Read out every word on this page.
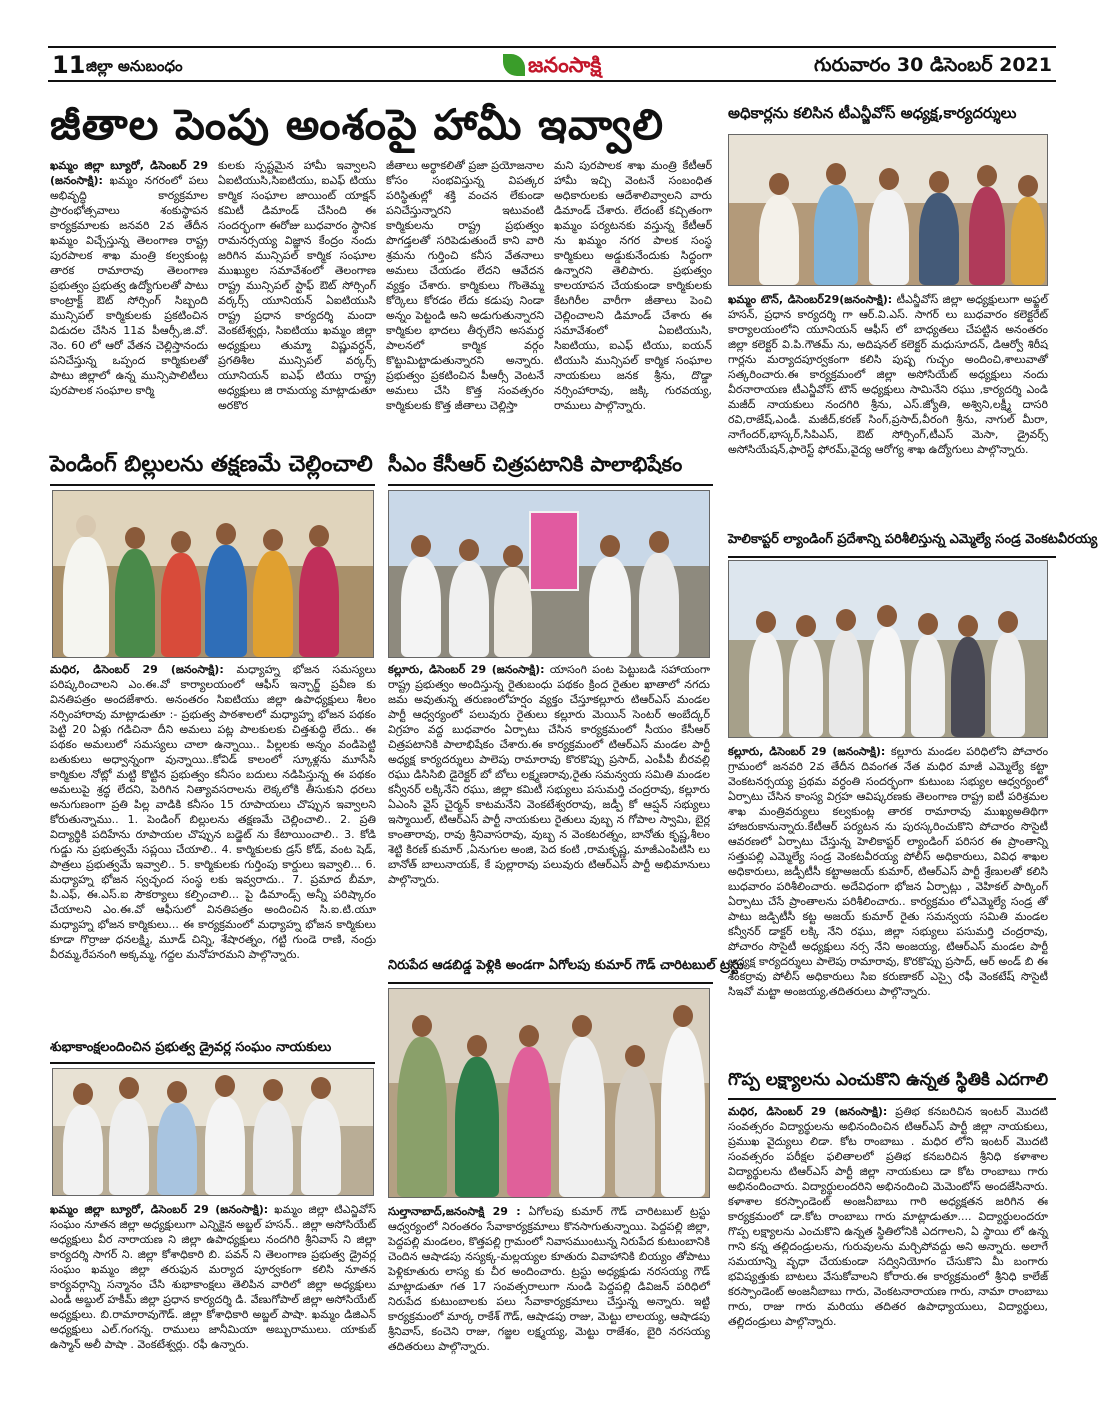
11 జిల్లా అనుబంధం	జనంసాక్షి	గురువారం 30 డిసెంబర్ 2021
జీతాల పెంపు అంశంపై హామీ ఇవ్వాలి
ఖమ్మం జిల్లా బ్యూరో, డిసెంబర్ 29 (జనంసాక్షి): ఖమ్మం నగరంలో పలు అభివృద్ధి కార్యక్రమాల ప్రారంభోత్సవాలు శంకుస్థాపన కార్యక్రమాలకు జనవరి 2వ తేదీన ఖమ్మం విచ్చేస్తున్న తెలంగాణ రాష్ట్ర పురపాలక శాఖ మంత్రి కల్వకుంట్ల తారక రామారావు తెలంగాణ ప్రభుత్వం ప్రభుత్వ ఉద్యోగులతో పాటు కాంట్రాక్ట్ ఔట్ సోర్సింగ్ సిబ్బంది మున్సిపల్ కార్మికులకు ప్రకటించిన విడుదల చేసిన 11వ పీఆర్సీ,జి.వో. నెం. 60 లో ఆరో వేతన చెల్లిస్తానందు పనిచేస్తున్న ఒప్పంద కార్మికులతో పాటు జిల్లాలో ఉన్న మున్సిపాలిటీలు పురపాలక సంఘాల కార్మి
కులకు స్పష్టమైన హామీ ఇవ్వాలని ఏఐటియుసి,సిఐటియు, ఐఎఫ్ టియు కార్మిక సంఘాల జాయింట్ యాక్షన్ కమిటీ డిమాండ్ చేసింది ఈ సందర్భంగా ఈరోజు బుధవారం స్థానిక రామనర్సయ్య విజ్ఞాన కేంద్రం నందు జరిగిన మున్సిపల్ కార్మిక సంఘాల ముఖ్యుల సమావేశంలో తెలంగాణ రాష్ట్ర మున్సిపల్ స్టాఫ్ ఔట్ సోర్సింగ్ వర్కర్స్ యూనియన్ ఏఐటియుసి రాష్ట్ర ప్రధాన కార్యదర్శి మందా వెంకటేశ్వర్లు, సిఐటియు ఖమ్మం జిల్లా అధ్యక్షులు తుమ్మా విష్ణువర్ధన్, ప్రగతిశీల మున్సిపల్ వర్కర్స్ యూనియన్ ఐఎఫ్ టియు రాష్ట్ర అధ్యక్షులు జి రామయ్య మాట్లాడుతూ అరకొర
జీతాలు అర్థాకలితో ప్రజా ప్రయోజనాల కోసం సంభవిస్తున్న విపత్కర పరిస్థితుల్లో శక్తి వంచన లేకుండా పనిచేస్తున్నారని ఇటువంటి కార్మికులను రాష్ట్ర ప్రభుత్వం పొగడ్తలతో సరిపెడుతుందే కాని వారి శ్రమను గుర్తించి కనీస వేతనాలు అమలు చేయడం లేదని ఆవేదన వ్యక్తం చేశారు. కార్మికులు గొంతెమ్మ కోర్కెలు కోరడం లేదు కడుపు నిండా అన్నం పెట్టండి అని అడుగుతున్నారని కార్మికుల భాదలు తీర్చలేని అసమర్ధ పాలనలో కార్మిక వర్గం కొట్టుమిట్టాడుతున్నారని అన్నారు. ప్రభుత్వం ప్రకటించిన పీఆర్సీ వెంటనే అమలు చేసి కొత్త సంవత్సరం కార్మికులకు కొత్త జీతాలు చెల్లిస్తా
మని పురపాలక శాఖ మంత్రి కేటీఆర్ హామీ ఇచ్చి వెంటనే సంబంధిత అధికారులకు ఆదేశాలివ్వాలని వారు డిమాండ్ చేశారు. లేదంటే కచ్చితంగా ఖమ్మం పర్యటనకు వస్తున్న కేటీఆర్ ను ఖమ్మం నగర పాలక సంస్థ కార్మికులు అడ్డుకునేందుకు సిద్ధంగా ఉన్నారని తెలిపారు. ప్రభుత్వం కాలయాపన చేయకుండా కార్మికులకు కేటగిరీల వారీగా జీతాలు పెంచి చెల్లించాలని డిమాండ్ చేశారు ఈ సమావేశంలో ఏఐటియుసి, సిఐటియు, ఐఎఫ్ టియు, ఐయన్ టియుసి మున్సిపల్ కార్మిక సంఘాల నాయకులు జనక శ్రీను, దొడ్డా నర్సింహారావు, జక్కి గురవయ్య, రాములు పాల్గొన్నారు.
అధికార్లను కలిసిన టీఎన్జీవోస్ అధ్యక్ష,కార్యదర్శులు
ఖమ్మం టౌన్, డిసెంబర్29(జనంసాక్షి): టీఎన్జీవోస్ జిల్లా అధ్యక్షులుగా అఫ్జల్ హసన్, ప్రధాన కార్యదర్శి గా ఆర్.వి.ఎస్. సాగర్ లు బుధవారం కలెక్టరేట్ కార్యాలయంలోని యూనియన్ ఆఫీస్ లో బాధ్యతలు చేపట్టిన అనంతరం జిల్లా కలెక్టర్ వి.పి.గౌతమ్ ను, అదిషనల్ కలెక్టర్ మధుసూదన్, డిఆర్వో శిరీష గార్లను మర్యాదపూర్వకంగా కలిసి పుష్ప గుచ్ఛం అందించి,శాలువాతో సత్కరించారు.ఈ కార్యక్రమంలో జిల్లా అసోసియేట్ అధ్యక్షులు నందు వీరనారాయణ టీఎన్జీవోస్ టౌన్ అధ్యక్షులు సామినేని రఘు ,కార్యదర్శి ఎండి మజీద్ నాయకులు నందగిరి శ్రీను, ఎస్.జ్యోతి, అశ్విని,లక్ష్మీ దాసరి రవి,రాజేష్,ఎండీ. మజీద్,కరణ్ సింగ్,ప్రసాద్,వీరంగి శ్రీను, నాగుల్ మీరా, నాగేందర్,భాస్కర్,సిపిఎస్, ఔట్ సోర్సింగ్,టీఎస్ మెసా, డ్రైవర్స్ అసోసియేషన్,ఫారెస్ట్ ఫోరమ్,వైద్య ఆరోగ్య శాఖ ఉద్యోగులు పాల్గొన్నారు.
పెండింగ్ బిల్లులను తక్షణమే చెల్లించాలి
మధిర, డిసెంబర్ 29 (జనంసాక్షి): మధ్యాహ్న భోజన సమస్యలు పరిష్కరించాలని ఎం.ఈ.వో కార్యాలయంలో ఆఫీస్ ఇన్చార్జ్ ప్రవీణ కు వినతిపత్రం అందజేశారు. అనంతరం సిఐటియు జిల్లా ఉపాధ్యక్షులు శీలం నర్సింహారావు మాట్లాడుతూ :- ప్రభుత్వ పాఠశాలలో మధ్యాహ్న భోజన పథకం పెట్టి 20 ఏళ్లు గడిచినా దీని అమలు పట్ల పాలకులకు చిత్తశుద్ధి లేదు.. ఈ పథకం అమలులో సమస్యలు చాలా ఉన్నాయి.. పిల్లలకు అన్నం వండిపెట్టి బతుకులు అధ్వాన్నంగా వున్నాయి..కోవిడ్ కాలంలో స్కూళ్లను మూసేసి కార్మికుల నోట్లో మట్టి కొట్టిన ప్రభుత్వం కనీసం బదులు నడిపిస్తున్న ఈ పథకం అమలుపై శ్రద్ధ లేదని, పెరిగిన నిత్యావసరాలను లెక్కలోకి తీసుకుని ధరలు అనుగుణంగా ప్రతి పిల్ల వాడికి కనీసం 15 రూపాయలు చొప్పున ఇవ్వాలని కోరుతున్నాము.. 1. పెండింగ్ బిల్లులను తక్షణమే చెల్లించాలి.. 2. ప్రతి విద్యార్థికి పదిహేను రూపాయల చొప్పున బడ్జెట్ ను కేటాయించాలి.. 3. కోడి గుడ్డు ను ప్రభుత్వమే సప్లయి చేయాలి.. 4. కార్మికులకు డ్రస్ కోడ్, వంట షెడ్, పాత్రలు ప్రభుత్వమే ఇవ్వాలి.. 5. కార్మికులకు గుర్తింపు కార్డులు ఇవ్వాలి... 6. మధ్యాహ్న భోజన స్వచ్ఛంద సంస్థ లకు ఇవ్వరాదు.. 7. ప్రమాద బీమా, పి.ఎఫ్, ఈ.ఎస్.ఐ సౌకర్యాలు కల్పించాలి... పై డిమాండ్స్ అన్నీ పరిష్కారం చేయాలని ఎం.ఈ.వో ఆఫీసులో వినతిపత్రం అందించిన సి.ఐ.టి.యూ మధ్యాహ్న భోజన కార్మికులు... ఈ కార్యక్రమంలో మధ్యాహ్న భోజన కార్మికులు కూడా గొర్రాజు ధనలక్ష్మి, మూడ్ చిన్ని, శేషారత్నం, గట్టి గుండె రాణి, నంద్రు వీరమ్మ,రేపనంగి అక్కమ్మ, గద్దల మనోహరమని పాల్గొన్నారు.
సీఎం కేసీఆర్ చిత్రపటానికి పాలాభిషేకం
కల్లూరు, డిసెంబర్ 29 (జనంసాక్షి): యాసంగి పంట పెట్టుబడి సహాయంగా రాష్ట్ర ప్రభుత్వం అందిస్తున్న రైతుబంధు పథకం క్రింద రైతుల ఖాతాలో నగదు జమ అవుతున్న తరుణంలోహర్షం వ్యక్తం చేస్తూకల్లూరు టిఆర్ఎస్ మండల పార్టీ ఆధ్వర్యంలో పలువురు రైతులు కల్లూరు మెయిన్ సెంటర్ అంబేద్కర్ విగ్రహం వద్ద బుధవారం ఏర్పాటు చేసిన కార్యక్రమంలో సీయం కేసీఆర్ చిత్రపటానికి పాలాభిషేకం చేశారు.ఈ కార్యక్రమంలో టిఆర్ఎస్ మండల పార్టీ అధ్యక్ష కార్యదర్శులు పాలెపు రామారావు కొరకొప్పు ప్రసాద్, ఎంపీపీ బీరవల్లి రఘు డిసిసిబి డైరెక్టర్ బో బోలు లక్ష్మణరావు,రైతు సమన్వయ సమితి మండల కన్వీనర్ లక్కినేని రఘు, జిల్లా కమిటీ సభ్యులు పసుమర్తి చంద్రరావు, కల్లూరు ఏఎంసి వైస్ చైర్మన్ కాటమనేని వెంకటేశ్వరరావు, జడ్పీ కో ఆప్షన్ సభ్యులు ఇస్మాయిల్, టిఆర్ఎస్ పార్టీ నాయకులు రైతులు వుబ్బ న గోపాల స్వామి, బైర్ల కాంతారావు, రావు శ్రీనివాసరావు, వుబ్బ న వెంకటరత్నం, బానోతు కృష్ణ,శీలం శెట్టి కిరణ్ కుమార్ ,ఏనుగుల అంజి, పెద కంటి ,రామకృష్ణ, మాజీఎంపిటిసి లు బానోత్ బాలునాయక్, కే పుల్లారావు పలువురు టిఆర్ఎస్ పార్టీ అభిమానులు పాల్గొన్నారు.
హెలికాప్టర్ ల్యాండింగ్ ప్రదేశాన్ని పరిశీలిస్తున్న ఎమ్మెల్యే సండ్ర వెంకటవీరయ్య
కల్లూరు, డిసెంబర్ 29 (జనంసాక్షి): కల్లూరు మండల పరిధిలోని పోచారం గ్రామంలో జనవరి 2వ తేదీన దివంగత నేత మధిర మాజీ ఎమ్మెల్యే కట్టా వెంకటనర్సయ్య ప్రథమ వర్ధంతి సందర్భంగా కుటుంబ సభ్యుల ఆధ్వర్యంలో ఏర్పాటు చేసిన కాంస్య విగ్రహ ఆవిష్కరణకు తెలంగాణ రాష్ట్ర ఐటీ పరిశ్రమల శాఖ మంత్రివర్యులు కల్వకుంట్ల తారక రామారావు ముఖ్యఅతిథిగా హాజరుకానున్నారు.కేటీఆర్ పర్యటన ను పురస్కరించుకొని పోచారం సొసైటీ ఆవరణలో ఏర్పాటు చేస్తున్న హెలికాప్టర్ ల్యాండింగ్ పరిసర ఈ ప్రాంతాన్ని సత్తుపల్లి ఎమ్మెల్యే సండ్ర వెంకటవీరయ్య పోలీస్ అధికారులు, వివిధ శాఖల అధికారులు, జడ్పీటీసీ కట్టాఅజయ్ కుమార్, టిఆర్ఎస్ పార్టీ శ్రేణులతో కలిసి బుధవారం పరిశీలించారు. అదేవిధంగా భోజన ఏర్పాట్లు , వెహికల్ పార్కింగ్ ఏర్పాటు చేసే ప్రాంతాలను పరిశీలించారు.. కార్యక్రమం లోఎమ్మెల్యే సండ్ర తో పాటు జడ్పిటీసీ కట్ట అజయ్ కుమార్ రైతు సమన్వయ సమితి మండల కన్వీనర్ డాక్టర్ లక్కి నేని రఘు, జిల్లా సభ్యులు పసుమర్తి చంద్రరావు, పోచారం సొసైటీ అధ్యక్షులు నర్స నేని అంజయ్య, టిఆర్ఎస్ మండల పార్టీ అధ్యక్ష కార్యదర్శులు పాలెపు రామారావు, కొరకొప్పు ప్రసాద్, ఆర్ అండ్ బి ఈ శంకర్రావు పోలీస్ అధికారులు సిఐ కరుణాకర్ ఎస్సై రఫీ వెంకటేష్ సొసైటీ సిఇవో మట్టా అంజయ్య,తదితరులు పాల్గొన్నారు.
నిరుపేద ఆడబిడ్డ పెళ్లికి అండగా ఏగోలపు కుమార్ గౌడ్ చారిటబుల్ ట్రస్టు
సుల్తానాబాద్,జనంసాక్షి 29 : ఏగోలపు కుమార్ గౌడ్ చారిటబుల్ ట్రస్టు ఆధ్వర్యంలో నిరంతరం సేవాకార్యక్రమాలు కొనసాగుతున్నాయి. పెద్దపల్లి జిల్లా, పెద్దపల్లి మండలం, కొత్తపల్లి గ్రామంలో నివాసముంటున్న నిరుపేద కుటుంబానికి చెందిన ఆషాడపు నస్యక్క-మల్లయ్యల కూతురు వివాహానికి బియ్యం తోపాటు పెళ్లికూతురు లాస్య కు చీర అందించారు. ట్రస్టు అధ్యక్షుడు నరసయ్య గౌడ్ మాట్లాడుతూ గత 17 సంవత్సరాలుగా నుండి పెద్దపల్లి డివిజన్ పరిధిలో నిరుపేద కుటుంబాలకు పలు సేవాకార్యక్రమాలు చేస్తున్న అన్నారు. ఇట్టి కార్యక్రమంలో మార్క రాకేశ్ గౌడ్, ఆషాడపు రాజు, మెట్టు లాలయ్య, ఆషాడపు శ్రీనివాస్, కంచెని రాజు, గజ్జల లక్ష్మయ్య, మెట్టు రాజేశం, బైరి నరసయ్య తదితరులు పాల్గొన్నారు.
శుభాకాంక్షలందించిన ప్రభుత్వ డ్రైవర్ల సంఘం నాయకులు
ఖమ్మం జిల్లా బ్యూరో, డిసెంబర్ 29 (జనంసాక్షి): ఖమ్మం జిల్లా టిఎన్జివోస్ సంఘం నూతన జిల్లా అధ్యక్షులుగా ఎన్నికైన అబ్జల్ హసన్.. జిల్లా అసోసియేట్ అధ్యక్షులు వీర నారాయణ ని జిల్లా ఉపాధ్యక్షులు నందగిరి శ్రీనివాస్ ని జిల్లా కార్యదర్శి సాగర్ ని. జిల్లా కోశాధికారి బి. పవన్ ని తెలంగాణ ప్రభుత్వ డ్రైవర్ల సంఘం ఖమ్మం జిల్లా తరుఫున మర్యాద పూర్వకంగా కలిసి నూతన కార్యవర్గాన్ని సన్మానం చేసి శుభాకాంక్షలు తెలిపిన వారిలో జిల్లా అధ్యక్షులు ఎండీ అబ్దుల్ హకీమ్ జిల్లా ప్రధాన కార్యదర్శి డి. వేణుగోపాల్ జిల్లా అసోసియేట్ అధ్యక్షులు. బి.రామారావుగౌడ్. జిల్లా కోశాధికారి అబ్జల్ పాషా. ఖమ్మం డిజిఎన్ అధ్యక్షులు ఎల్.గంగన్న. రాములు జానీమియా అబ్బురాములు. యాకుబ్ ఉస్మాన్ అలీ పాషా . వెంకటేశ్వర్లు. రఫీ ఉన్నారు.
గొప్ప లక్ష్యాలను ఎంచుకొని ఉన్నత స్థితికి ఎదగాలి
మధిర, డిసెంబర్ 29 (జనంసాక్షి): ప్రతిభ కనబరిచిన ఇంటర్ మొదటి సంవత్సరం విద్యార్థులను అభినందించిన టిఆర్ఎస్ పార్టీ జిల్లా నాయకులు, ప్రముఖ వైద్యులు లిడా. కోట రాంబాబు . మధిర లోని ఇంటర్ మొదటి సంవత్సరం పరీక్షల ఫలితాలలో ప్రతిభ కనబరిచిన శ్రీనిధి కళాశాల విద్యార్థులను టిఆర్ఎస్ పార్టీ జిల్లా నాయకులు డా కోట రాంబాబు గారు అభినందించారు. విద్యార్థులందరిని అభినందించి మెమెంటోస్ అందజేసినారు. కళాశాల కరస్పాండెంట్ అంజనీబాబు గారి అధ్యక్షతన జరిగిన ఈ కార్యక్రమంలో డా.కోట రాంబాబు గారు మాట్లాడుతూ.... విద్యార్థులందరూ గొప్ప లక్ష్యాలను ఎంచుకొని ఉన్నత స్థితిలోనికి ఎదగాలని, ఏ స్థాయి లో ఉన్న గాని కన్న తల్లిదండ్రులను, గురువులను మర్చిపోవద్దు అని అన్నారు. అలాగే సమయాన్ని వృధా చేయకుండా సద్వినియోగం చేసుకొని మీ బంగారు భవిష్యత్తుకు బాటలు వేసుకోవాలని కోరారు.ఈ కార్యక్రమంలో శ్రీనిధి కాలేజ్ కరస్పాండెంట్ అంజనీబాబు గారు, వెంకటనారాయణ గారు, నామా రాంబాబు గారు, రాజు గారు మరియు తదితర ఉపాధ్యాయులు, విద్యార్థులు, తల్లిదండ్రులు పాల్గొన్నారు.
